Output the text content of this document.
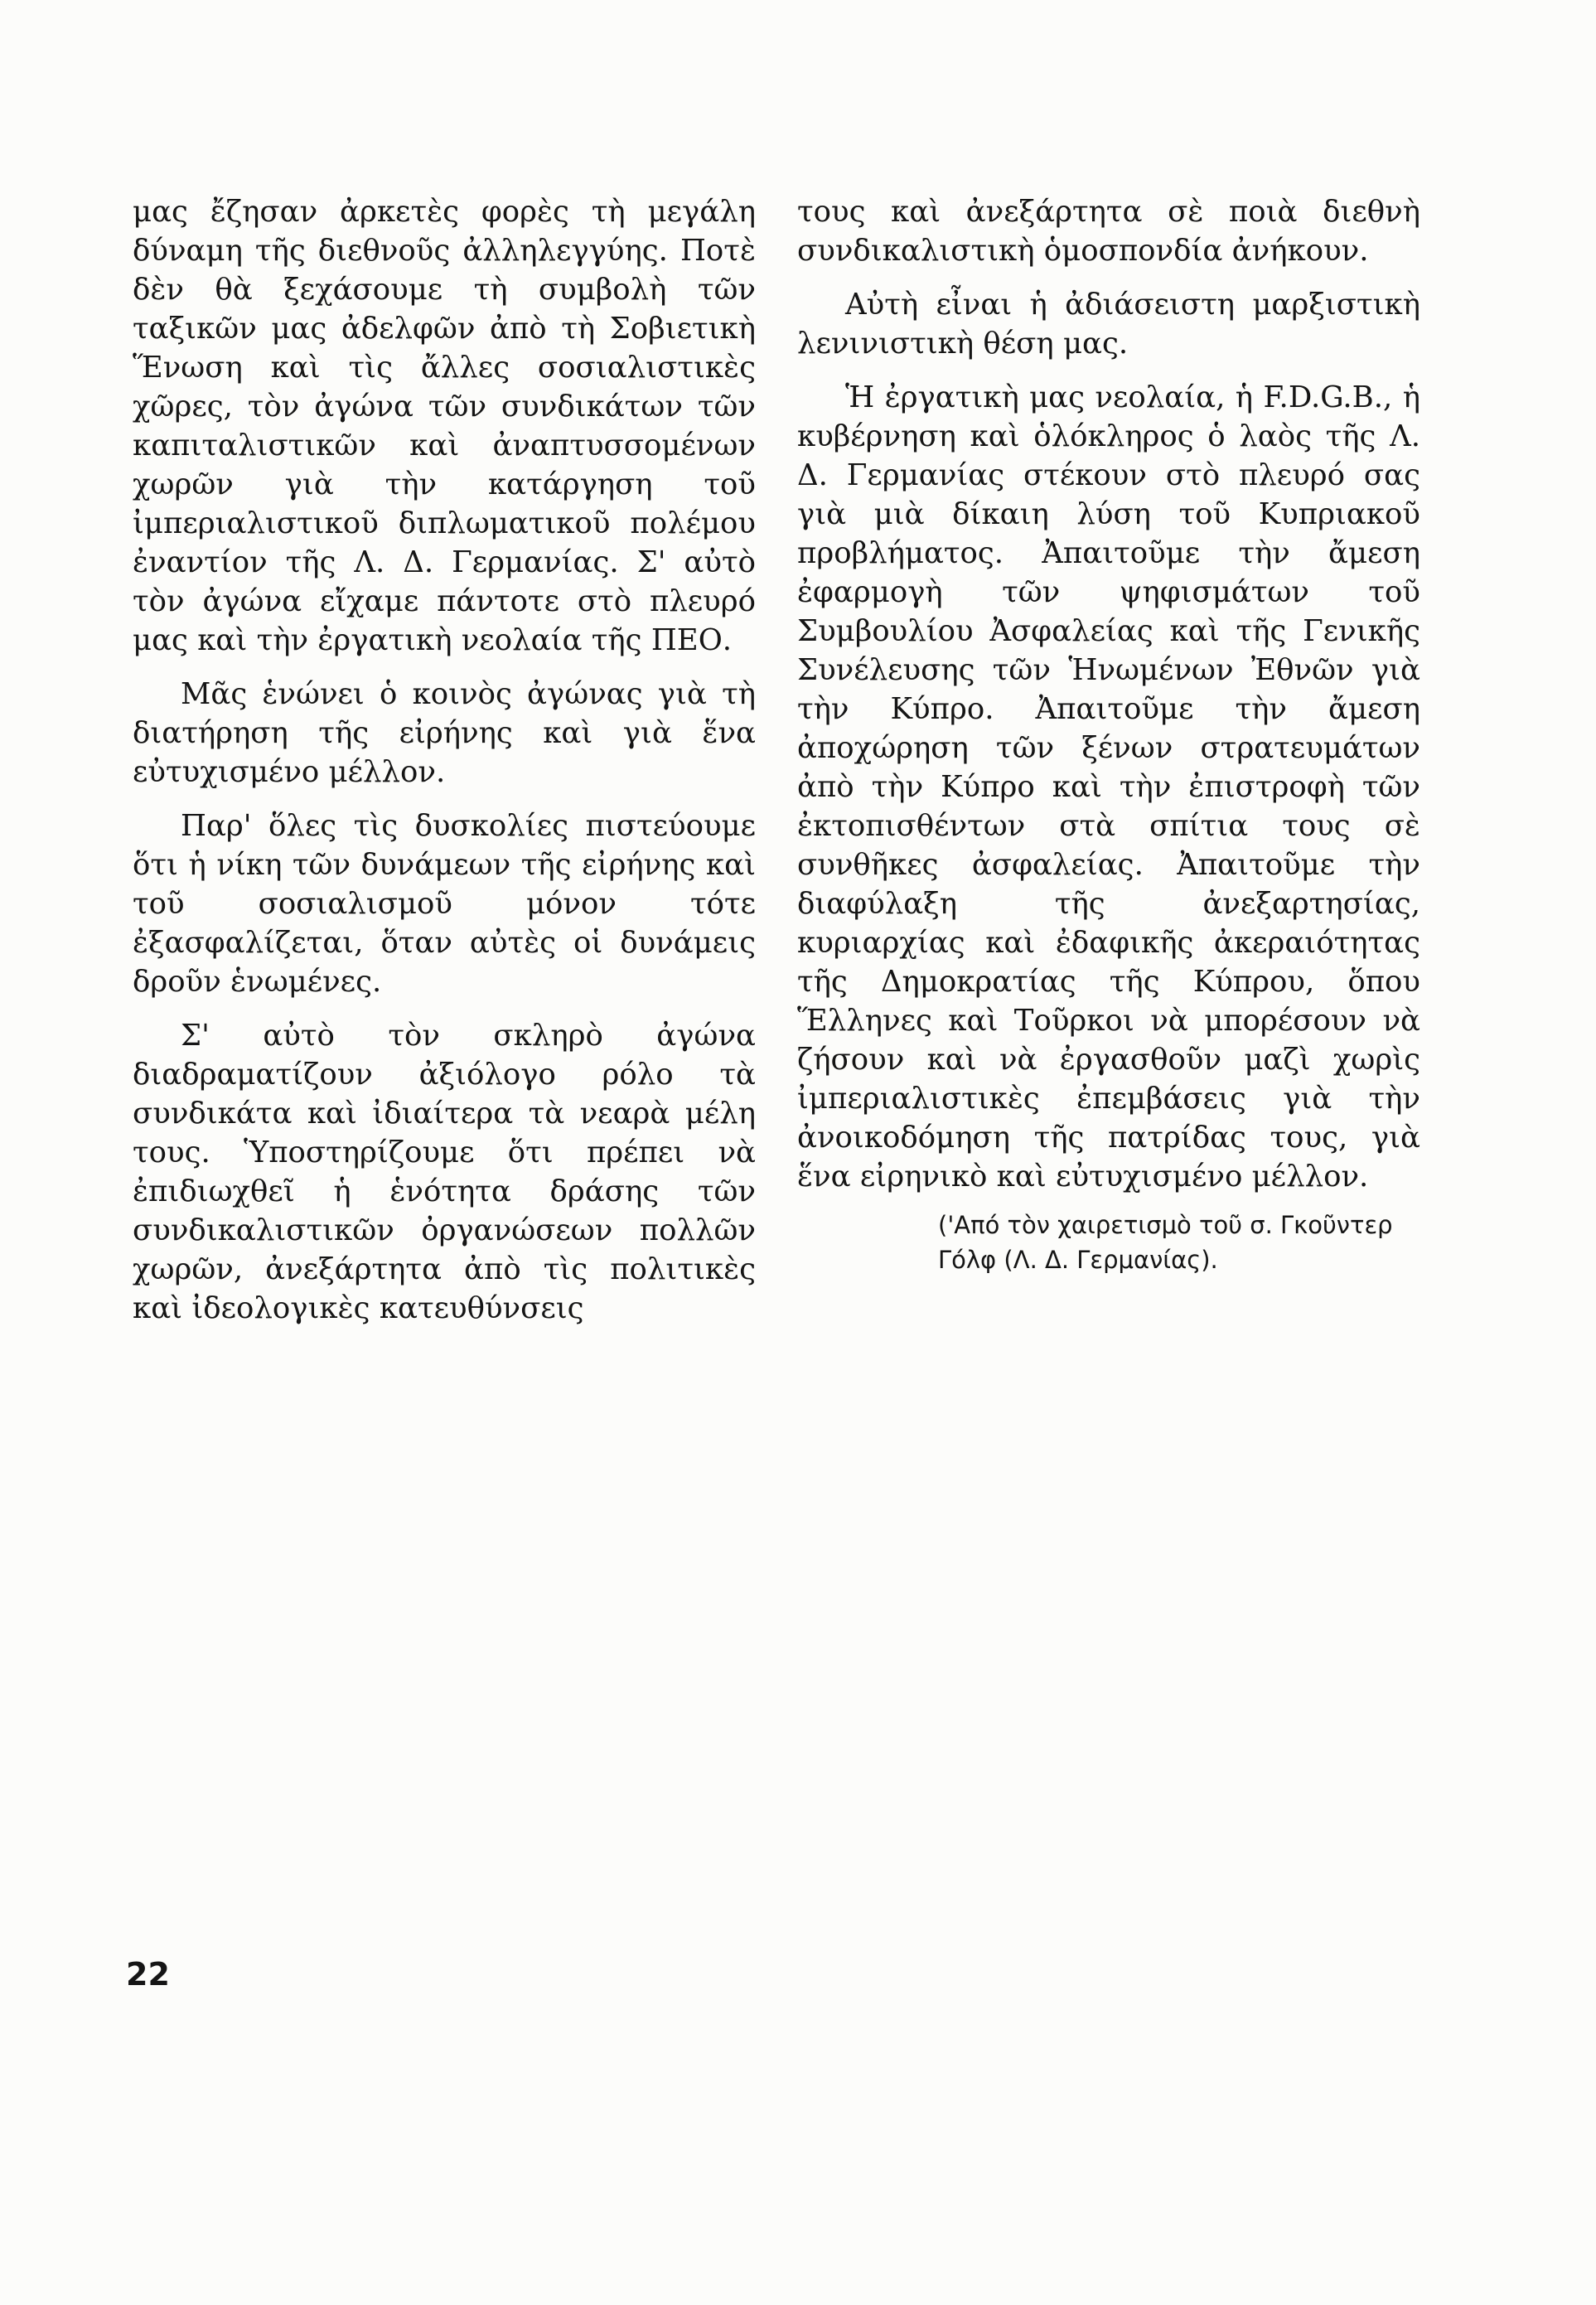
μας ἔζησαν ἀρκετὲς φορὲς τὴ μεγάλη δύναμη τῆς διεθνοῦς ἀλληλεγγύης. Ποτὲ δὲν θὰ ξεχάσουμε τὴ συμβολὴ τῶν ταξικῶν μας ἀδελφῶν ἀπὸ τὴ Σοβιετικὴ Ἕνωση καὶ τὶς ἄλλες σοσιαλιστικὲς χῶρες, τὸν ἀγώνα τῶν συνδικάτων τῶν καπιταλιστικῶν καὶ ἀναπτυσσομένων χωρῶν γιὰ τὴν κατάργηση τοῦ ἰμπεριαλιστικοῦ διπλωματικοῦ πολέμου ἐναντίον τῆς Λ. Δ. Γερμανίας. Σ' αὐτὸ τὸν ἀγώνα εἴχαμε πάντοτε στὸ πλευρό μας καὶ τὴν ἐργατικὴ νεολαία τῆς ΠΕΟ.

Μᾶς ἑνώνει ὁ κοινὸς ἀγώνας γιὰ τὴ διατήρηση τῆς εἰρήνης καὶ γιὰ ἕνα εὐτυχισμένο μέλλον.

Παρ' ὅλες τὶς δυσκολίες πιστεύουμε ὅτι ἡ νίκη τῶν δυνάμεων τῆς εἰρήνης καὶ τοῦ σοσιαλισμοῦ μόνον τότε ἐξασφαλίζεται, ὅταν αὐτὲς οἱ δυνάμεις δροῦν ἑνωμένες.

Σ' αὐτὸ τὸν σκληρὸ ἀγώνα διαδραματίζουν ἀξιόλογο ρόλο τὰ συνδικάτα καὶ ἰδιαίτερα τὰ νεαρὰ μέλη τους. Ὑποστηρίζουμε ὅτι πρέπει νὰ ἐπιδιωχθεῖ ἡ ἑνότητα δράσης τῶν συνδικαλιστικῶν ὀργανώσεων πολλῶν χωρῶν, ἀνεξάρτητα ἀπὸ τὶς πολιτικὲς καὶ ἰδεολογικὲς κατευθύνσεις

τους καὶ ἀνεξάρτητα σὲ ποιὰ διεθνὴ συνδικαλιστικὴ ὁμοσπονδία ἀνήκουν.

Αὐτὴ εἶναι ἡ ἀδιάσειστη μαρξιστικὴ λενινιστικὴ θέση μας.

Ἡ ἐργατικὴ μας νεολαία, ἡ F.D.G.B., ἡ κυβέρνηση καὶ ὁλόκληρος ὁ λαὸς τῆς Λ. Δ. Γερμανίας στέκουν στὸ πλευρό σας γιὰ μιὰ δίκαιη λύση τοῦ Κυπριακοῦ προβλήματος. Ἀπαιτοῦμε τὴν ἄμεση ἐφαρμογὴ τῶν ψηφισμάτων τοῦ Συμβουλίου Ἀσφαλείας καὶ τῆς Γενικῆς Συνέλευσης τῶν Ἡνωμένων Ἐθνῶν γιὰ τὴν Κύπρο. Ἀπαιτοῦμε τὴν ἄμεση ἀποχώρηση τῶν ξένων στρατευμάτων ἀπὸ τὴν Κύπρο καὶ τὴν ἐπιστροφὴ τῶν ἐκτοπισθέντων στὰ σπίτια τους σὲ συνθῆκες ἀσφαλείας. Ἀπαιτοῦμε τὴν διαφύλαξη τῆς ἀνεξαρτησίας, κυριαρχίας καὶ ἐδαφικῆς ἀκεραιότητας τῆς Δημοκρατίας τῆς Κύπρου, ὅπου Ἕλληνες καὶ Τοῦρκοι νὰ μπορέσουν νὰ ζήσουν καὶ νὰ ἐργασθοῦν μαζὶ χωρὶς ἰμπεριαλιστικὲς ἐπεμβάσεις γιὰ τὴν ἀνοικοδόμηση τῆς πατρίδας τους, γιὰ ἕνα εἰρηνικὸ καὶ εὐτυχισμένο μέλλον.

('Από τὸν χαιρετισμὸ τοῦ σ. Γκοῦντερ Γόλφ (Λ. Δ. Γερμανίας).

22
